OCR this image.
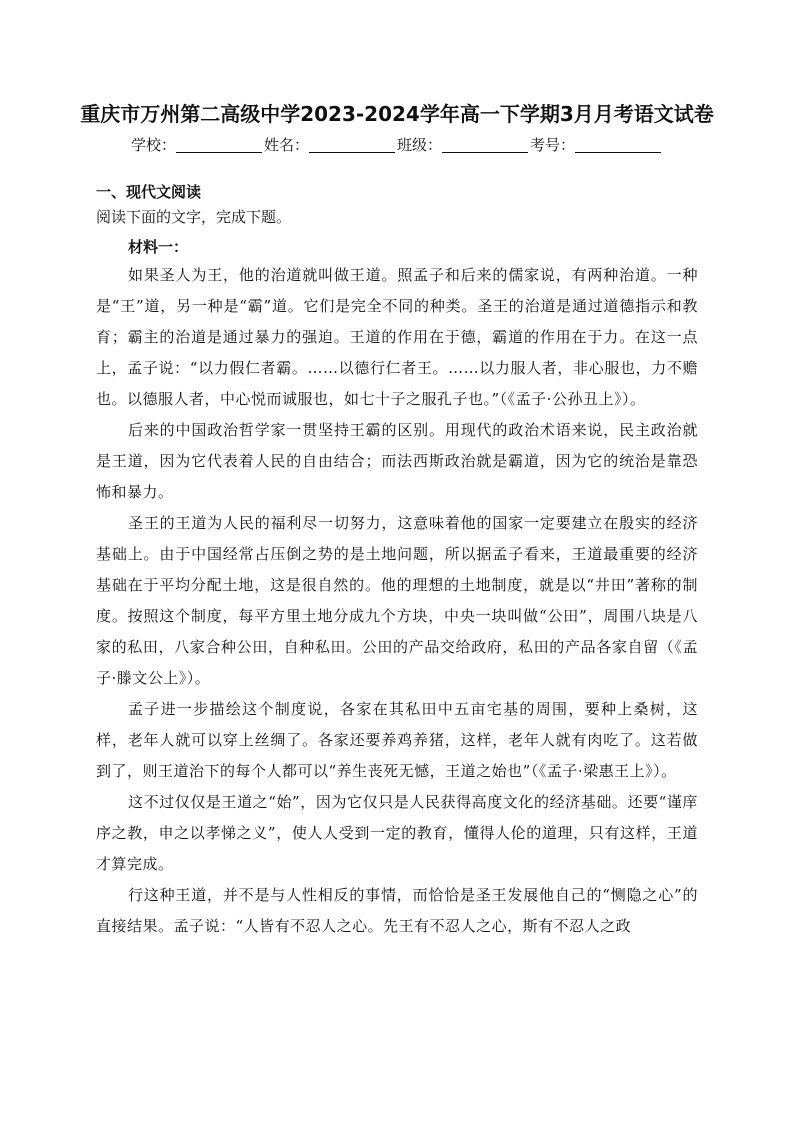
重庆市万州第二高级中学2023-2024学年高一下学期3月月考语文试卷
学校：	姓名：	班级：	考号：
一、现代文阅读
阅读下面的文字，完成下题。
材料一：

如果圣人为王，他的治道就叫做王道。照孟子和后来的儒家说，有两种治道。一种是“王”道，另一种是“霸”道。它们是完全不同的种类。圣王的治道是通过道德指示和教育；霸主的治道是通过暴力的强迫。王道的作用在于德，霸道的作用在于力。在这一点上，孟子说：“以力假仁者霸。……以德行仁者王。……以力服人者，非心服也，力不赡也。以德服人者，中心悦而诚服也，如七十子之服孔子也。”（《孟子·公孙丑上》）。

后来的中国政治哲学家一贯坚持王霸的区别。用现代的政治术语来说，民主政治就是王道，因为它代表着人民的自由结合；而法西斯政治就是霸道，因为它的统治是靠恐怖和暴力。

圣王的王道为人民的福利尽一切努力，这意味着他的国家一定要建立在殷实的经济基础上。由于中国经常占压倒之势的是土地问题，所以据孟子看来，王道最重要的经济基础在于平均分配土地，这是很自然的。他的理想的土地制度，就是以“井田”著称的制度。按照这个制度，每平方里土地分成九个方块，中央一块叫做“公田”，周围八块是八家的私田，八家合种公田，自种私田。公田的产品交给政府，私田的产品各家自留（《孟子·滕文公上》）。

孟子进一步描绘这个制度说，各家在其私田中五亩宅基的周围，要种上桑树，这样，老年人就可以穿上丝绸了。各家还要养鸡养猪，这样，老年人就有肉吃了。这若做到了，则王道治下的每个人都可以“养生丧死无憾，王道之始也”（《孟子·梁惠王上》）。

这不过仅仅是王道之“始”，因为它仅只是人民获得高度文化的经济基础。还要“谨庠序之教，申之以孝悌之义”，使人人受到一定的教育，懂得人伦的道理，只有这样，王道才算完成。

行这种王道，并不是与人性相反的事情，而恰恰是圣王发展他自己的“恻隐之心”的直接结果。孟子说：“人皆有不忍人之心。先王有不忍人之心，斯有不忍人之政
